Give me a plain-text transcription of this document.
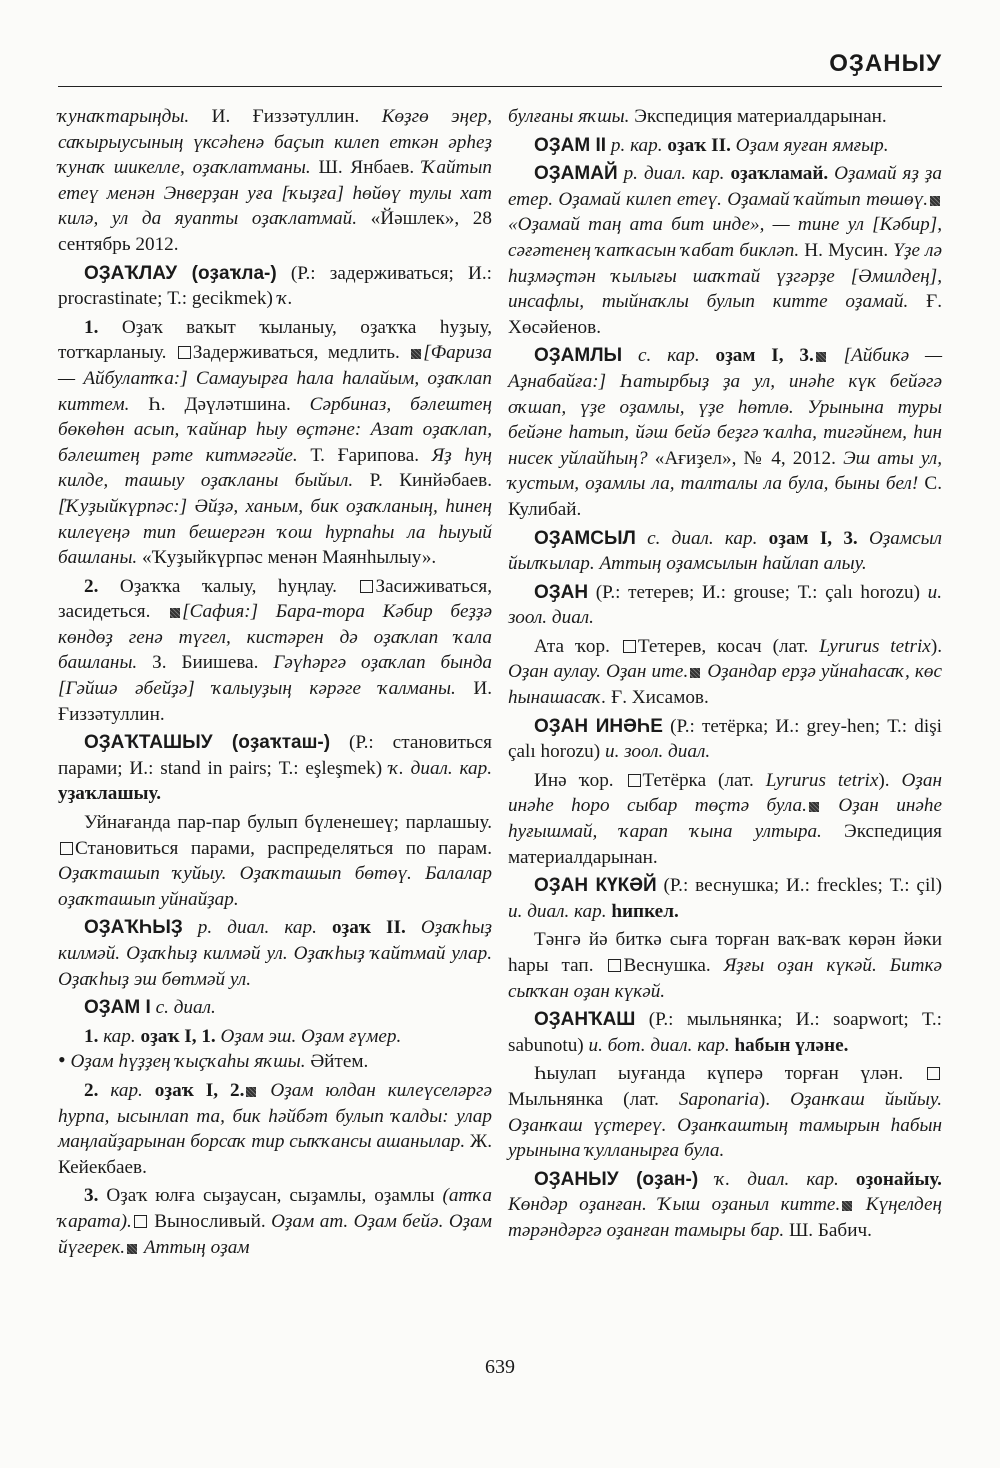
ОҘАНЫУ
ҡунаҡтарыңды. И. Ғиззәтуллин. Көҙгө эңер, саҡырыусының үксәһенә баҫып килеп еткән әрһеҙ ҡунаҡ шикелле, оҙаҡлатманы. Ш. Янбаев. Ҡайтып етеү менән Энверҙан уға [ҡыҙға] һөйөү тулы хат килә, ул да яуапты оҙаҡлатмай. «Йәшлек», 28 сентябрь 2012.
ОҘАҠЛАУ (оҙаҡла-) (Р.: задерживаться; И.: procrastinate; Т.: gecikmek) ҡ.
1. Оҙаҡ ваҡыт ҡыланыу, оҙаҡҡа һуҙыу, тотҡарланыу. Задерживаться, медлить. [Фариза — Айбулатҡа:] Самауырға һала һалайым, оҙаҡлап киттем. Һ. Дәүләтшина. Сәрбиназ, бәлештең бөкөһөн асып, ҡайнар һыу өҫтәне: Азат оҙаҡлап, бәлештең рәте китмәгәйе. Т. Ғарипова. Яҙ һуң килде, ташыу оҙаҡланы быйыл. Р. Кинйәбаев. [Ҡуҙыйкүрпәс:] Әйҙә, ханым, бик оҙаҡланың, һинең килеүеңә тип бешергән ҡош һурпаһы ла һыуый башланы. «Ҡуҙыйкүрпәс менән Маянһылыу».
2. Оҙаҡҡа ҡалыу, һуңлау. Засиживаться, засидеться. [Сафия:] Бара-тора Кәбир беҙҙә көндөҙ генә түгел, кистәрен дә оҙаҡлап ҡала башланы. З. Биишева. Гәүһәргә оҙаҡлап бында [Гәйшә әбейҙә] ҡалыуҙың кәрәге ҡалманы. И. Ғиззәтуллин.
ОҘАҠТАШЫУ (оҙаҡташ-) (Р.: становиться парами; И.: stand in pairs; Т.: eşleşmek) ҡ. диал. кар. уҙаҡлашыу.
Уйнағанда пар-пар булып бүленешеү; парлашыу. Становиться парами, распределяться по парам. Оҙаҡташып ҡуйыу. Оҙаҡташып бөтөү. Балалар оҙаҡташып уйнайҙар.
ОҘАҠҺЫҘ р. диал. кар. оҙаҡ II. Оҙаҡһыҙ килмәй. Оҙаҡһыҙ килмәй ул. Оҙаҡһыҙ ҡайтмай улар. Оҙаҡһыҙ эш бөтмәй ул.
ОҘАМ I с. диал.
1. кар. оҙаҡ I, 1. Оҙам эш. Оҙам ғүмер.
• Оҙам һүҙҙең ҡыҫҡаһы яҡшы. Әйтем.
2. кар. оҙаҡ I, 2. Оҙам юлдан килеүселәргә һурпа, ысынлап та, бик һәйбәт булып ҡалды: улар маңлайҙарынан борсаҡ тир сыҡҡансы ашанылар. Ж. Кейекбаев.
3. Оҙаҡ юлға сыҙаусан, сыҙамлы, оҙамлы (атҡа ҡарата). Выносливый. Оҙам ат. Оҙам бейә. Оҙам йүгерек. Аттың оҙам
булғаны яҡшы. Экспедиция материалдарынан.
ОҘАМ II р. кар. оҙаҡ II. Оҙам яуған ямғыр.
ОҘАМАЙ р. диал. кар. оҙаҡламай. Оҙамай яҙ ҙа етер. Оҙамай килеп етеү. Оҙамай ҡайтып төшөү. «Оҙамай таң ата бит инде», — тине ул [Кәбир], сәғәтенең ҡапҡасын ҡабат бикләп. Н. Мусин. Үҙе лә һиҙмәҫтән ҡылығы шаҡтай үҙгәрҙе [Әмилдең], инсафлы, тыйнаҡлы булып китте оҙамай. Ғ. Хөсәйенов.
ОҘАМЛЫ с. кар. оҙам I, 3. [Айбикә — Аҙнабайға:] Һатырбыҙ ҙа ул, инәһе күк бейәгә оҡшап, үҙе оҙамлы, үҙе һөтлө. Урынына туры бейәне һатып, йәш бейә беҙгә ҡалһа, тигәйнем, һин нисек уйлайһың? «Ағиҙел», № 4, 2012. Эш аты ул, ҡустым, оҙамлы ла, талталы ла була, быны бел! С. Кулибай.
ОҘАМСЫЛ с. диал. кар. оҙам I, 3. Оҙамсыл йылҡылар. Аттың оҙамсылын һайлап алыу.
ОҘАН (Р.: тетерев; И.: grouse; Т.: çalı horozu) и. зоол. диал.
Ата ҡор. Тетерев, косач (лат. Lyrurus tetrix). Оҙан аулау. Оҙан ите. Оҙандар ерҙә уйнаһасаҡ, көс һынашасаҡ. Ғ. Хисамов.
ОҘАН ИНӘҺЕ (Р.: тетёрка; И.: grey-hen; Т.: dişi çalı horozu) и. зоол. диал.
Инә ҡор. Тетёрка (лат. Lyrurus tetrix). Оҙан инәһе һоро сыбар төҫтә була. Оҙан инәһе һуғышмай, ҡарап ҡына ултыра. Экспедиция материалдарынан.
ОҘАН КҮКӘЙ (Р.: веснушка; И.: freckles; Т.: çil) и. диал. кар. һипкел.
Тәнгә йә биткә сыға торған ваҡ-ваҡ көрән йәки һары тап. Веснушка. Яҙғы оҙан күкәй. Биткә сыҡҡан оҙан күкәй.
ОҘАНҠАШ (Р.: мыльнянка; И.: soapwort; Т.: sabunotu) и. бот. диал. кар. һабын үләне.
Һыулап ыуғанда күперә торған үлән. Мыльнянка (лат. Saponaria). Оҙанҡаш йыйыу. Оҙанҡаш үҫтереү. Оҙанҡаштың тамырын һабын урынына ҡулланырға була.
ОҘАНЫУ (оҙан-) ҡ. диал. кар. оҙонайыу. Көндәр оҙанған. Ҡыш оҙаныл китте. Күңелдең тәрәндәргә оҙанған тамыры бар. Ш. Бабич.
639
